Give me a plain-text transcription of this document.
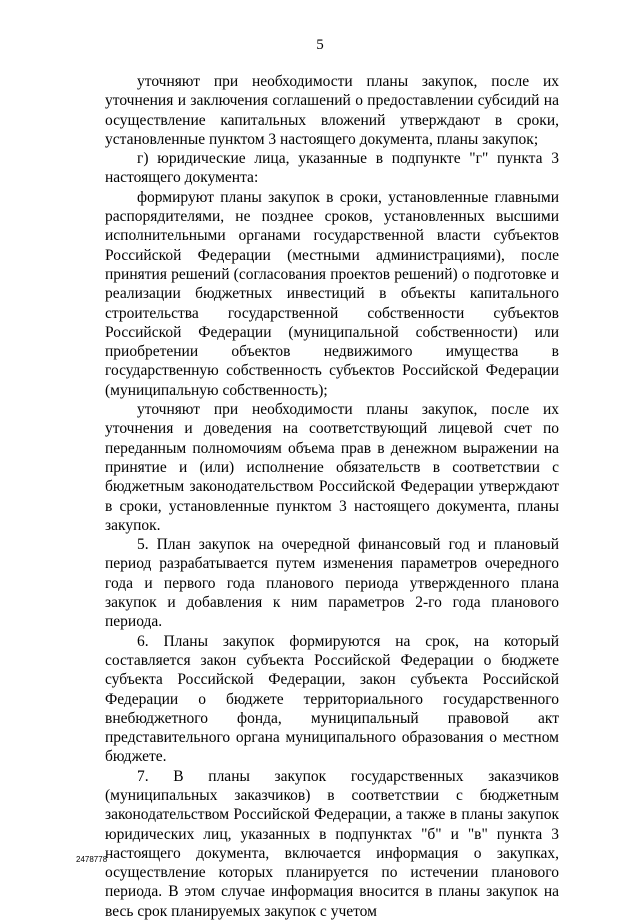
5

уточняют при необходимости планы закупок, после их уточнения и заключения соглашений о предоставлении субсидий на осуществление капитальных вложений утверждают в сроки, установленные пунктом 3 настоящего документа, планы закупок;

г) юридические лица, указанные в подпункте "г" пункта 3 настоящего документа:

формируют планы закупок в сроки, установленные главными распорядителями, не позднее сроков, установленных высшими исполнительными органами государственной власти субъектов Российской Федерации (местными администрациями), после принятия решений (согласования проектов решений) о подготовке и реализации бюджетных инвестиций в объекты капитального строительства государственной собственности субъектов Российской Федерации (муниципальной собственности) или приобретении объектов недвижимого имущества в государственную собственность субъектов Российской Федерации (муниципальную собственность);

уточняют при необходимости планы закупок, после их уточнения и доведения на соответствующий лицевой счет по переданным полномочиям объема прав в денежном выражении на принятие и (или) исполнение обязательств в соответствии с бюджетным законодательством Российской Федерации утверждают в сроки, установленные пунктом 3 настоящего документа, планы закупок.

5. План закупок на очередной финансовый год и плановый период разрабатывается путем изменения параметров очередного года и первого года планового периода утвержденного плана закупок и добавления к ним параметров 2-го года планового периода.

6. Планы закупок формируются на срок, на который составляется закон субъекта Российской Федерации о бюджете субъекта Российской Федерации, закон субъекта Российской Федерации о бюджете территориального государственного внебюджетного фонда, муниципальный правовой акт представительного органа муниципального образования о местном бюджете.

7. В планы закупок государственных заказчиков (муниципальных заказчиков) в соответствии с бюджетным законодательством Российской Федерации, а также в планы закупок юридических лиц, указанных в подпунктах "б" и "в" пункта 3 настоящего документа, включается информация о закупках, осуществление которых планируется по истечении планового периода. В этом случае информация вносится в планы закупок на весь срок планируемых закупок с учетом

2478778
